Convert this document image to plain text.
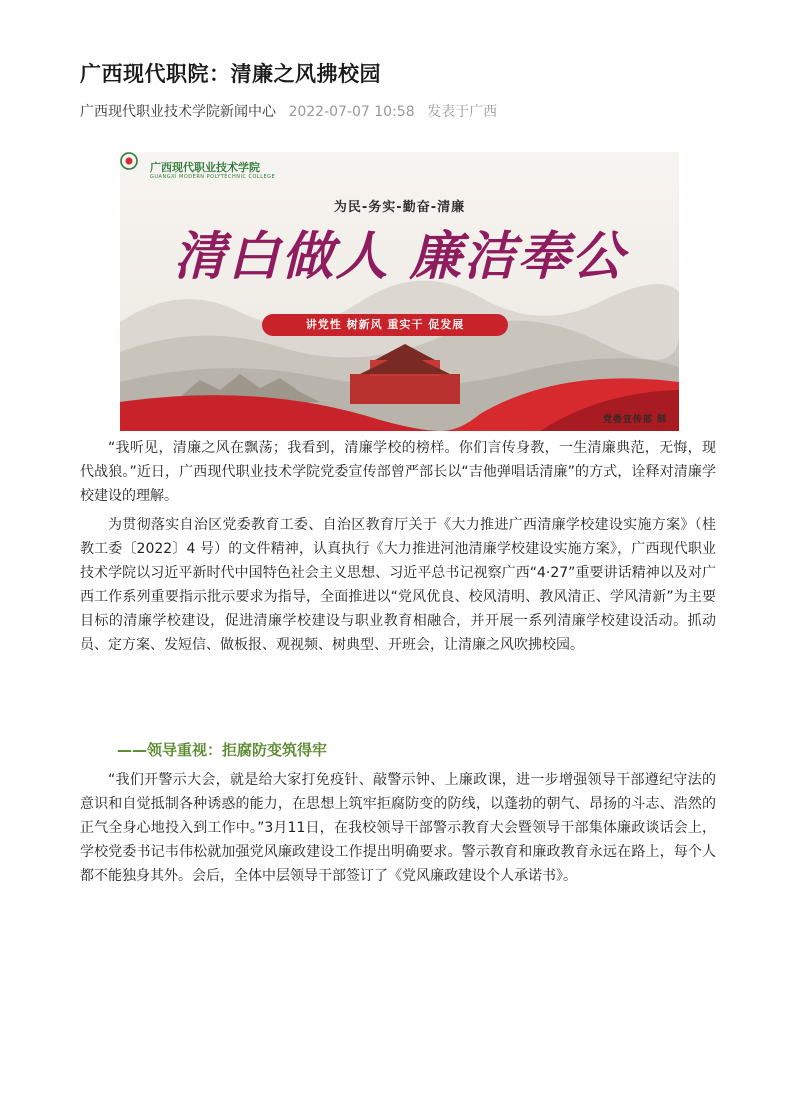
广西现代职院：清廉之风拂校园
广西现代职业技术学院新闻中心 2022-07-07 10:58 发表于广西
广西现代职业技术学院
GUANGXI MODERN POLYTECHNIC COLLEGE
为民-务实-勤奋-清廉
清白做人 廉洁奉公
讲党性 树新风 重实干 促发展
党委宣传部 制

“我听见，清廉之风在飘荡；我看到，清廉学校的榜样。你们言传身教，一生清廉典范，无悔，现代战狼。”近日，广西现代职业技术学院党委宣传部曾严部长以“吉他弹唱话清廉”的方式，诠释对清廉学校建设的理解。

为贯彻落实自治区党委教育工委、自治区教育厅关于《大力推进广西清廉学校建设实施方案》（桂教工委〔2022〕4 号）的文件精神，认真执行《大力推进河池清廉学校建设实施方案》，广西现代职业技术学院以习近平新时代中国特色社会主义思想、习近平总书记视察广西“4·27”重要讲话精神以及对广西工作系列重要指示批示要求为指导，全面推进以“党风优良、校风清明、教风清正、学风清新”为主要目标的清廉学校建设，促进清廉学校建设与职业教育相融合，并开展一系列清廉学校建设活动。抓动员、定方案、发短信、做板报、观视频、树典型、开班会，让清廉之风吹拂校园。

——领导重视：拒腐防变筑得牢

“我们开警示大会，就是给大家打免疫针、敲警示钟、上廉政课，进一步增强领导干部遵纪守法的意识和自觉抵制各种诱惑的能力，在思想上筑牢拒腐防变的防线，以蓬勃的朝气、昂扬的斗志、浩然的正气全身心地投入到工作中。”3月11日，在我校领导干部警示教育大会暨领导干部集体廉政谈话会上，学校党委书记韦伟松就加强党风廉政建设工作提出明确要求。警示教育和廉政教育永远在路上，每个人都不能独身其外。会后，全体中层领导干部签订了《党风廉政建设个人承诺书》。
